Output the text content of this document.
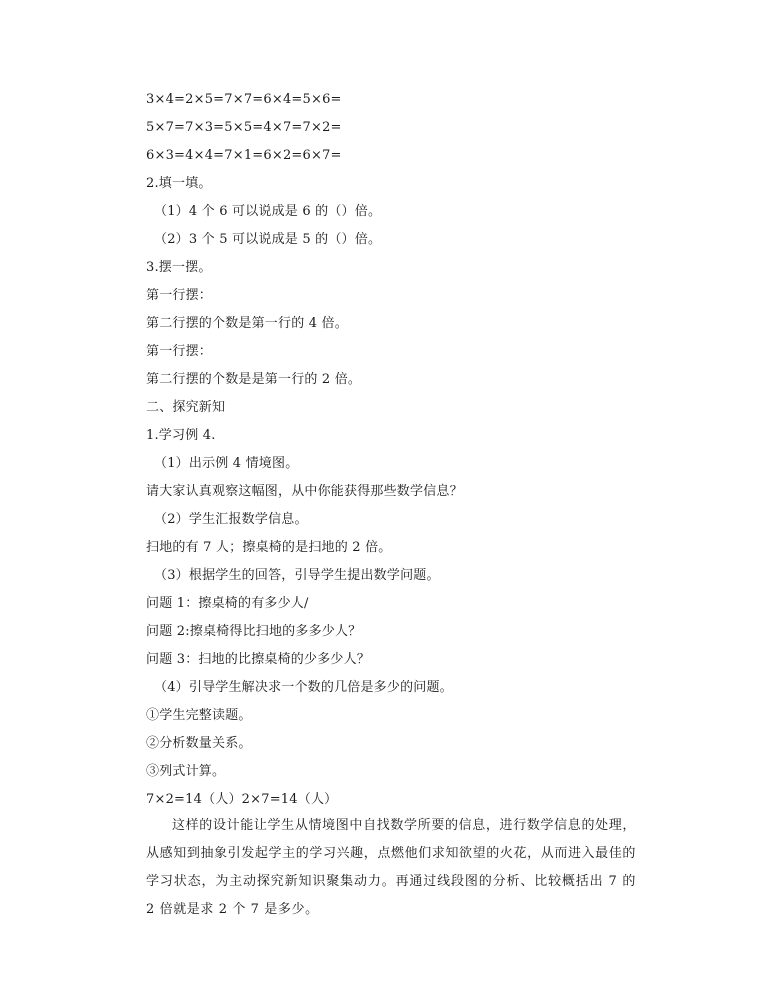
3×4=2×5=7×7=6×4=5×6=
5×7=7×3=5×5=4×7=7×2=
6×3=4×4=7×1=6×2=6×7=
2.填一填。
（1）4 个 6 可以说成是 6 的（）倍。
（2）3 个 5 可以说成是 5 的（）倍。
3.摆一摆。
第一行摆：
第二行摆的个数是第一行的 4 倍。
第一行摆：
第二行摆的个数是是第一行的 2 倍。
二、探究新知
1.学习例 4.
（1）出示例 4 情境图。
请大家认真观察这幅图，从中你能获得那些数学信息？
（2）学生汇报数学信息。
扫地的有 7 人；擦桌椅的是扫地的 2 倍。
（3）根据学生的回答，引导学生提出数学问题。
问题 1：擦桌椅的有多少人/
问题 2:擦桌椅得比扫地的多多少人？
问题 3：扫地的比擦桌椅的少多少人？
（4）引导学生解决求一个数的几倍是多少的问题。
①学生完整读题。
②分析数量关系。
③列式计算。
7×2=14（人）2×7=14（人）
这样的设计能让学生从情境图中自找数学所要的信息，进行数学信息的处理，从感知到抽象引发起学主的学习兴趣，点燃他们求知欲望的火花，从而进入最佳的学习状态，为主动探究新知识聚集动力。再通过线段图的分析、比较概括出 7 的 2 倍就是求 2 个 7 是多少。
